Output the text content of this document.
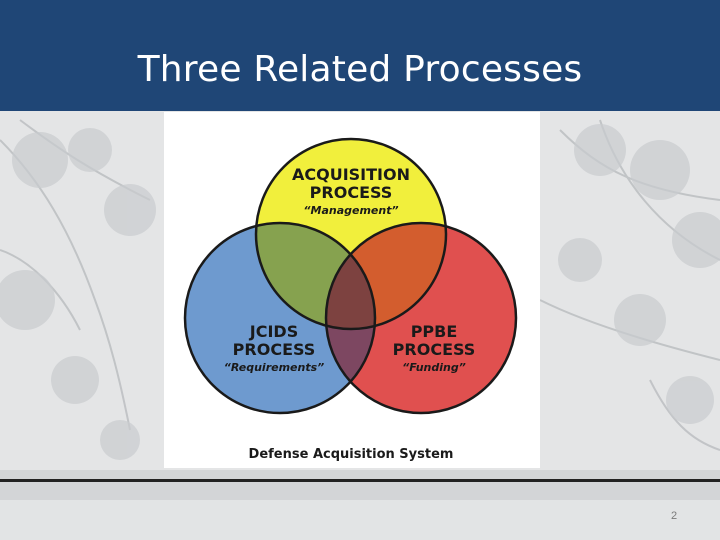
Three Related Processes
ACQUISITION
PROCESS
“Management”
JCIDS
PROCESS
“Requirements”
PPBE
PROCESS
“Funding”
Defense Acquisition System
2
